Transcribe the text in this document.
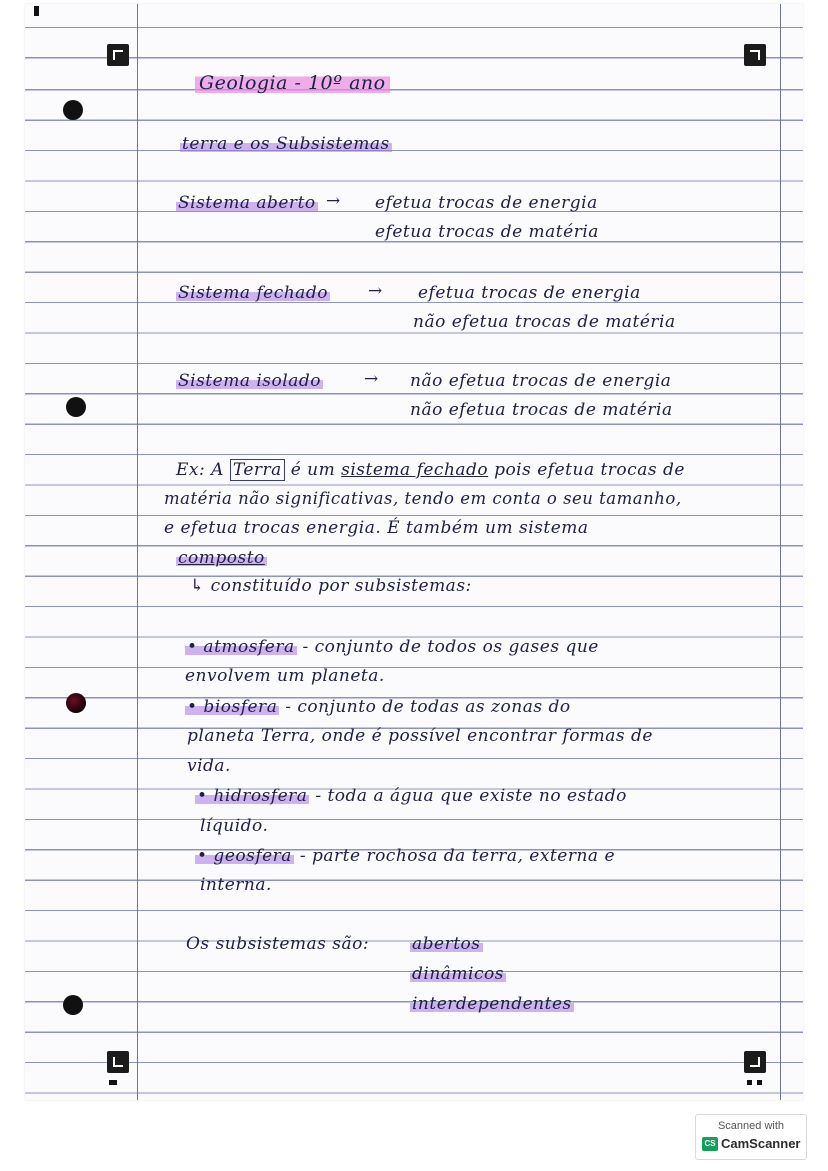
Geologia - 10º ano
terra e os Subsistemas
Sistema aberto → efetua trocas de energia
efetua trocas de matéria
Sistema fechado → efetua trocas de energia
não efetua trocas de matéria
Sistema isolado	→ não efetua trocas de energia
não efetua trocas de matéria
Ex: A Terra é um sistema fechado pois efetua trocas de
matéria não significativas, tendo em conta o seu tamanho,
e efetua trocas energia. É também um sistema
composto
↳ constituído por subsistemas:
• atmosfera - conjunto de todos os gases que
envolvem um planeta.
• biosfera - conjunto de todas as zonas do
planeta Terra, onde é possível encontrar formas de
vida.
• hidrosfera - toda a água que existe no estado
líquido.
• geosfera - parte rochosa da terra, externa e
interna.
Os subsistemas são:	abertos
dinâmicos
interdependentes
Scanned with
CS CamScanner
